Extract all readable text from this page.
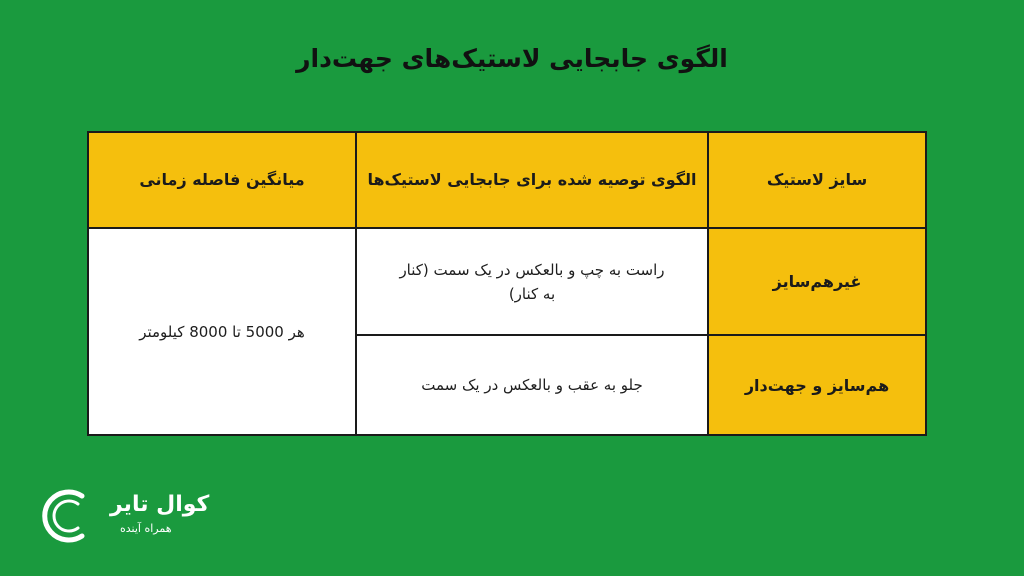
الگوی جابجایی لاستیک‌های جهت‌دار
سایز لاستیک	الگوی توصیه شده برای جابجایی لاستیک‌ها	میانگین فاصله زمانی
غیرهم‌سایز	راست به چپ و بالعکس در یک سمت (کنار به کنار)	هر 5000 تا 8000 کیلومتر
هم‌سایز و جهت‌دار	جلو به عقب و بالعکس در یک سمت	
کوال تایر
همراه آینده
